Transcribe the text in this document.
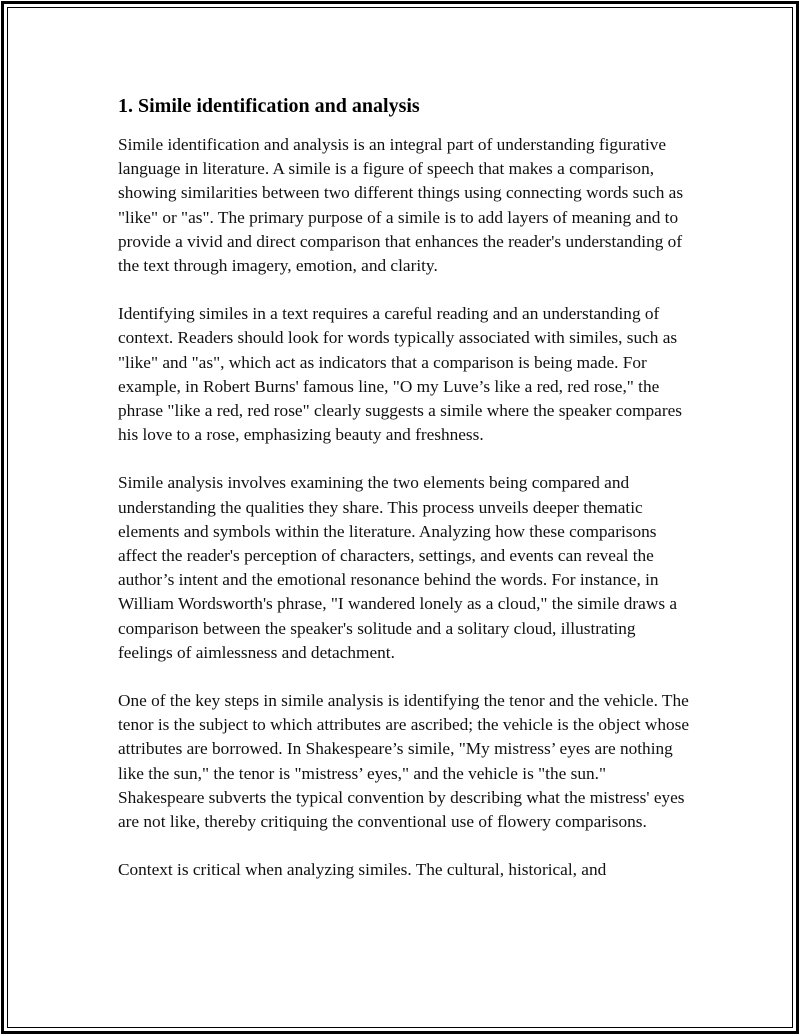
1. Simile identification and analysis

Simile identification and analysis is an integral part of understanding figurative language in literature. A simile is a figure of speech that makes a comparison, showing similarities between two different things using connecting words such as "like" or "as". The primary purpose of a simile is to add layers of meaning and to provide a vivid and direct comparison that enhances the reader's understanding of the text through imagery, emotion, and clarity.

Identifying similes in a text requires a careful reading and an understanding of context. Readers should look for words typically associated with similes, such as "like" and "as", which act as indicators that a comparison is being made. For example, in Robert Burns' famous line, "O my Luve’s like a red, red rose," the phrase "like a red, red rose" clearly suggests a simile where the speaker compares his love to a rose, emphasizing beauty and freshness.

Simile analysis involves examining the two elements being compared and understanding the qualities they share. This process unveils deeper thematic elements and symbols within the literature. Analyzing how these comparisons affect the reader's perception of characters, settings, and events can reveal the author’s intent and the emotional resonance behind the words. For instance, in William Wordsworth's phrase, "I wandered lonely as a cloud," the simile draws a comparison between the speaker's solitude and a solitary cloud, illustrating feelings of aimlessness and detachment.

One of the key steps in simile analysis is identifying the tenor and the vehicle. The tenor is the subject to which attributes are ascribed; the vehicle is the object whose attributes are borrowed. In Shakespeare’s simile, "My mistress’ eyes are nothing like the sun," the tenor is "mistress’ eyes," and the vehicle is "the sun." Shakespeare subverts the typical convention by describing what the mistress' eyes are not like, thereby critiquing the conventional use of flowery comparisons.

Context is critical when analyzing similes. The cultural, historical, and
